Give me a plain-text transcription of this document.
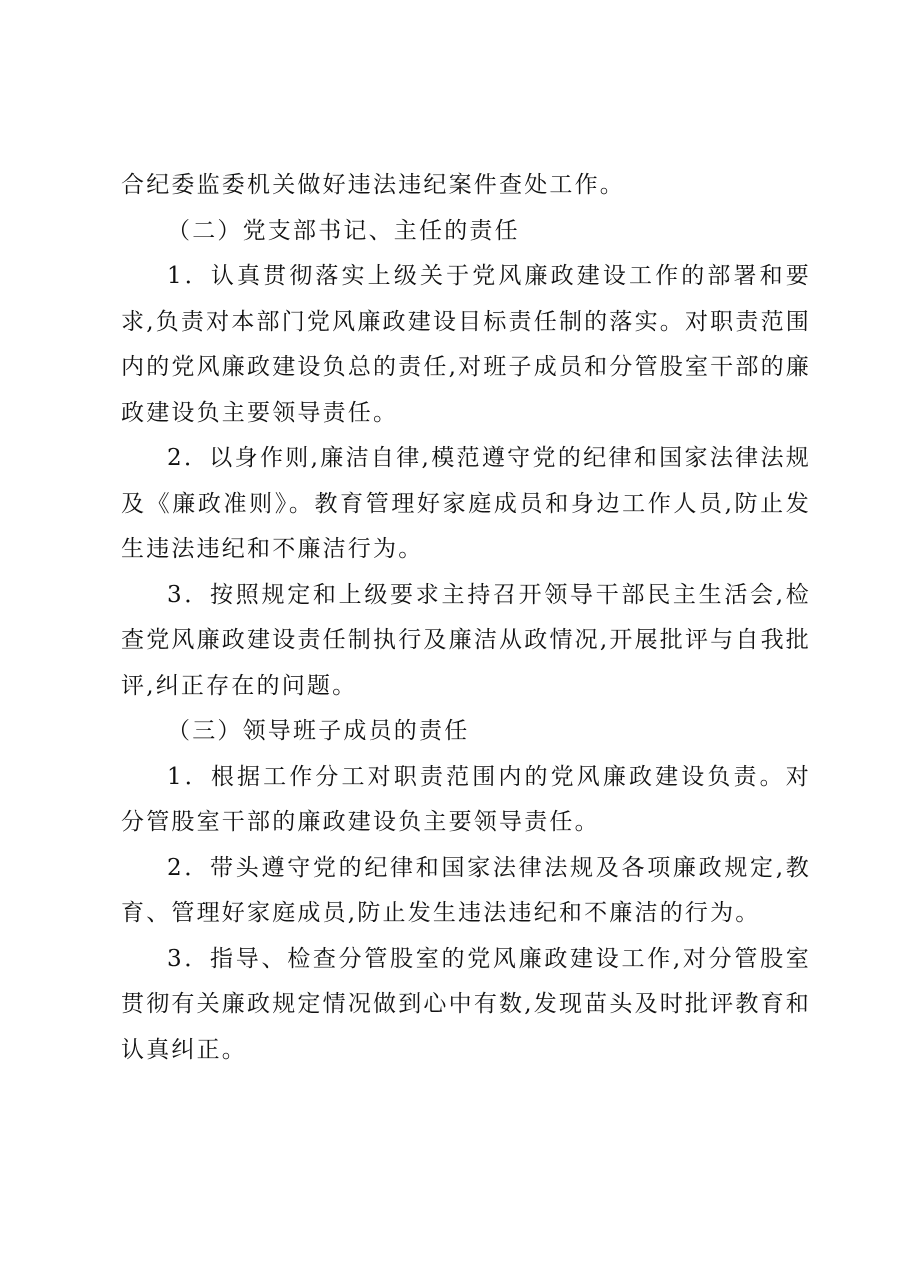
合纪委监委机关做好违法违纪案件查处工作。

（二）党支部书记、主任的责任

1．认真贯彻落实上级关于党风廉政建设工作的部署和要求,负责对本部门党风廉政建设目标责任制的落实。对职责范围内的党风廉政建设负总的责任,对班子成员和分管股室干部的廉政建设负主要领导责任。

2．以身作则,廉洁自律,模范遵守党的纪律和国家法律法规及《廉政准则》。教育管理好家庭成员和身边工作人员,防止发生违法违纪和不廉洁行为。

3．按照规定和上级要求主持召开领导干部民主生活会,检查党风廉政建设责任制执行及廉洁从政情况,开展批评与自我批评,纠正存在的问题。

（三）领导班子成员的责任

1．根据工作分工对职责范围内的党风廉政建设负责。对分管股室干部的廉政建设负主要领导责任。

2．带头遵守党的纪律和国家法律法规及各项廉政规定,教育、管理好家庭成员,防止发生违法违纪和不廉洁的行为。

3．指导、检查分管股室的党风廉政建设工作,对分管股室贯彻有关廉政规定情况做到心中有数,发现苗头及时批评教育和认真纠正。
